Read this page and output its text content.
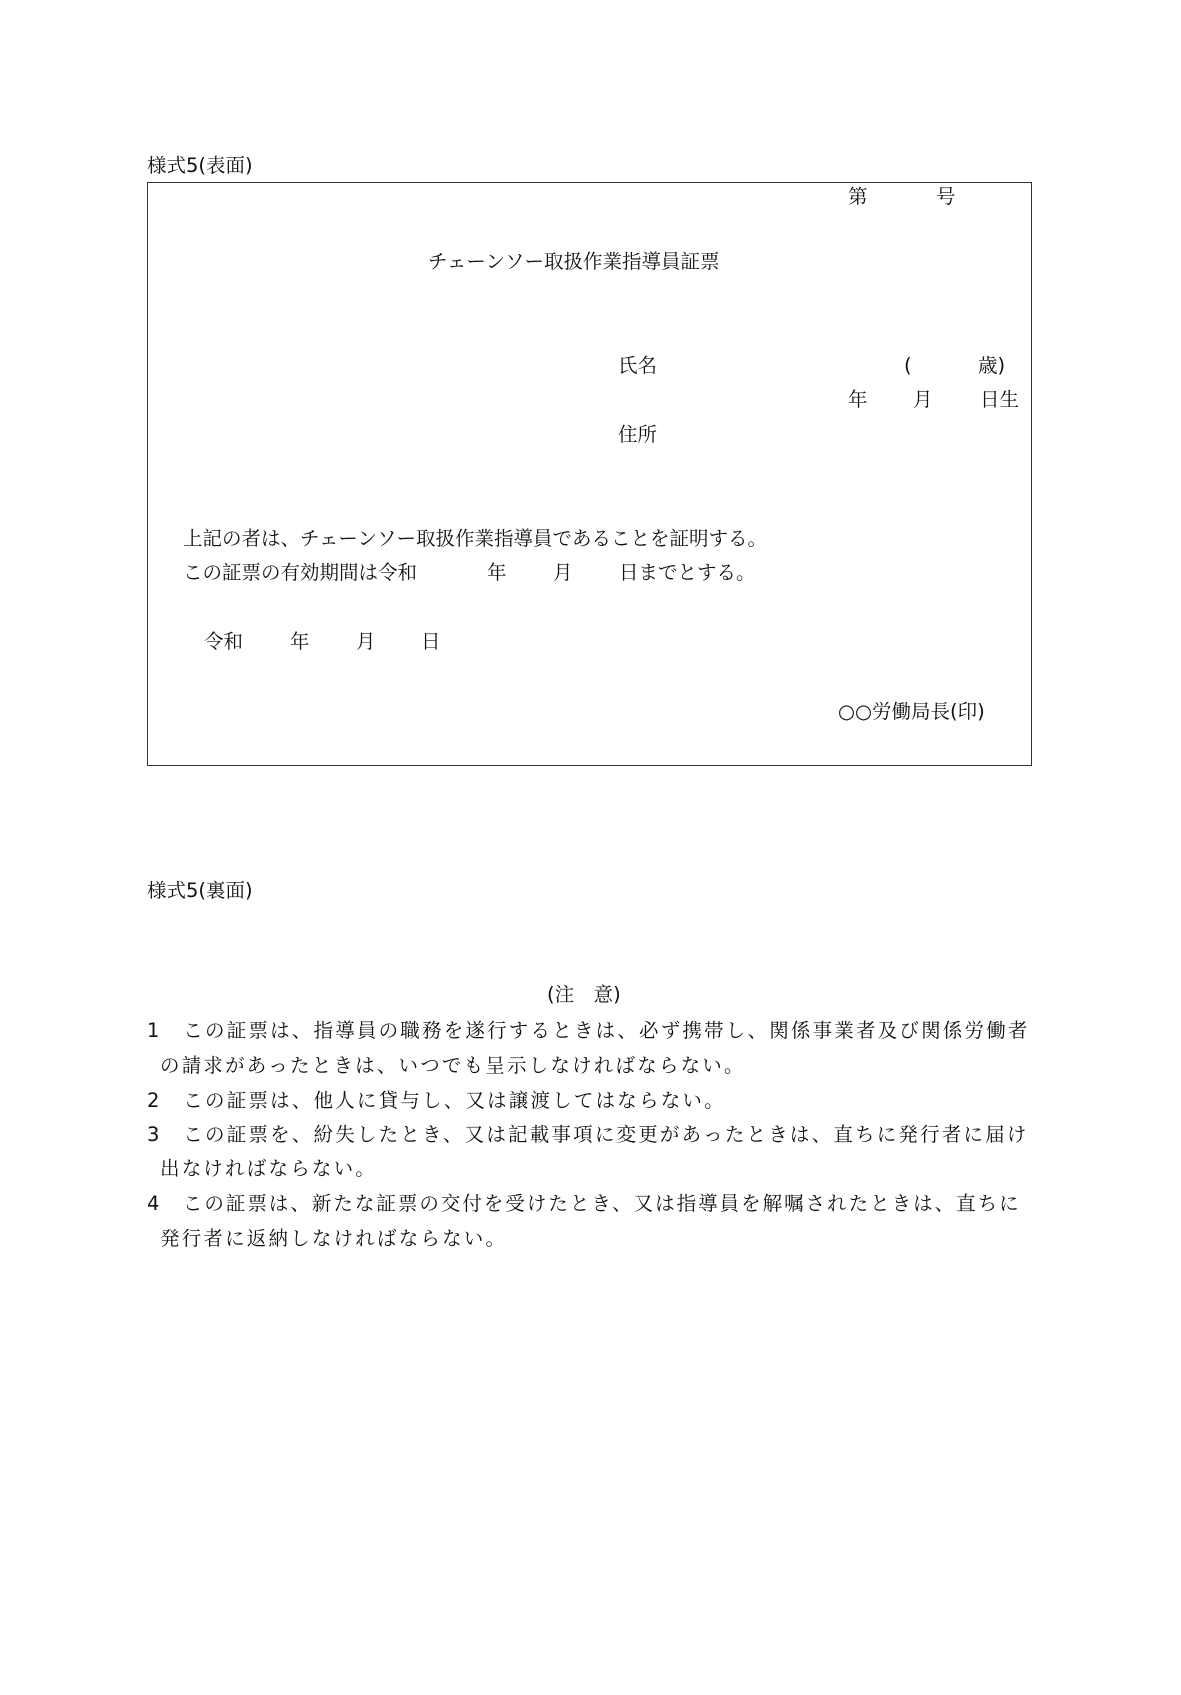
様式5(表面)
第	号
チェーンソー取扱作業指導員証票
氏名	(	歳)
年 月 日生
住所
上記の者は、チェーンソー取扱作業指導員であることを証明する。
この証票の有効期間は令和	年 月 日までとする。
令和 年 月 日
○○労働局長(印)
様式5(裏面)
(注　意)
1　この証票は、指導員の職務を遂行するときは、必ず携帯し、関係事業者及び関係労働者
の請求があったときは、いつでも呈示しなければならない。
2　この証票は、他人に貸与し、又は譲渡してはならない。
3　この証票を、紛失したとき、又は記載事項に変更があったときは、直ちに発行者に届け
出なければならない。
4　この証票は、新たな証票の交付を受けたとき、又は指導員を解嘱されたときは、直ちに
発行者に返納しなければならない。
